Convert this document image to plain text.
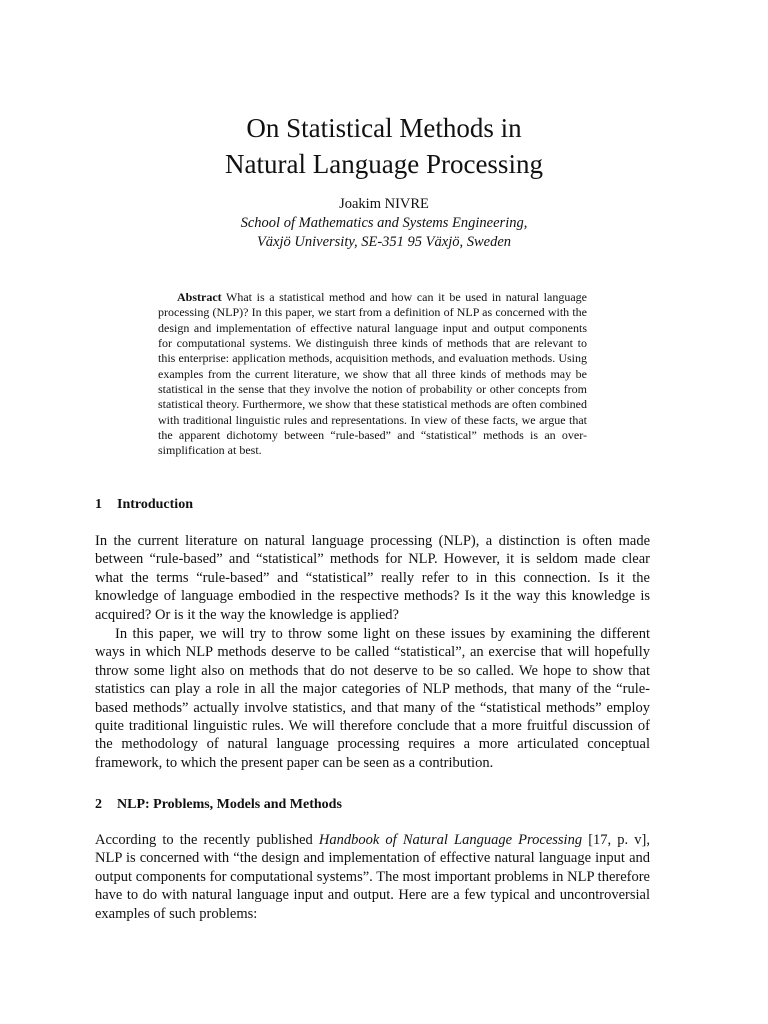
On Statistical Methods in
Natural Language Processing
Joakim NIVRE
School of Mathematics and Systems Engineering,
Växjö University, SE-351 95 Växjö, Sweden

Abstract What is a statistical method and how can it be used in natural language processing (NLP)? In this paper, we start from a definition of NLP as concerned with the design and implementation of effective natural language input and output components for computational systems. We distinguish three kinds of methods that are relevant to this enterprise: application methods, acquisition methods, and evaluation methods. Using examples from the current literature, we show that all three kinds of methods may be statistical in the sense that they involve the notion of probability or other concepts from statistical theory. Furthermore, we show that these statistical methods are often combined with traditional linguistic rules and representations. In view of these facts, we argue that the apparent dichotomy between “rule-based” and “statistical” methods is an over-simplification at best.

1 Introduction

In the current literature on natural language processing (NLP), a distinction is often made between “rule-based” and “statistical” methods for NLP. However, it is seldom made clear what the terms “rule-based” and “statistical” really refer to in this connection. Is it the knowledge of language embodied in the respective methods? Is it the way this knowledge is acquired? Or is it the way the knowledge is applied?

In this paper, we will try to throw some light on these issues by examining the different ways in which NLP methods deserve to be called “statistical”, an exercise that will hopefully throw some light also on methods that do not deserve to be so called. We hope to show that statistics can play a role in all the major categories of NLP methods, that many of the “rule-based methods” actually involve statistics, and that many of the “statistical methods” employ quite traditional linguistic rules. We will therefore conclude that a more fruitful discussion of the methodology of natural language processing requires a more articulated conceptual framework, to which the present paper can be seen as a contribution.

2 NLP: Problems, Models and Methods

According to the recently published Handbook of Natural Language Processing [17, p. v], NLP is concerned with “the design and implementation of effective natural language input and output components for computational systems”. The most important problems in NLP therefore have to do with natural language input and output. Here are a few typical and uncontroversial examples of such problems:
